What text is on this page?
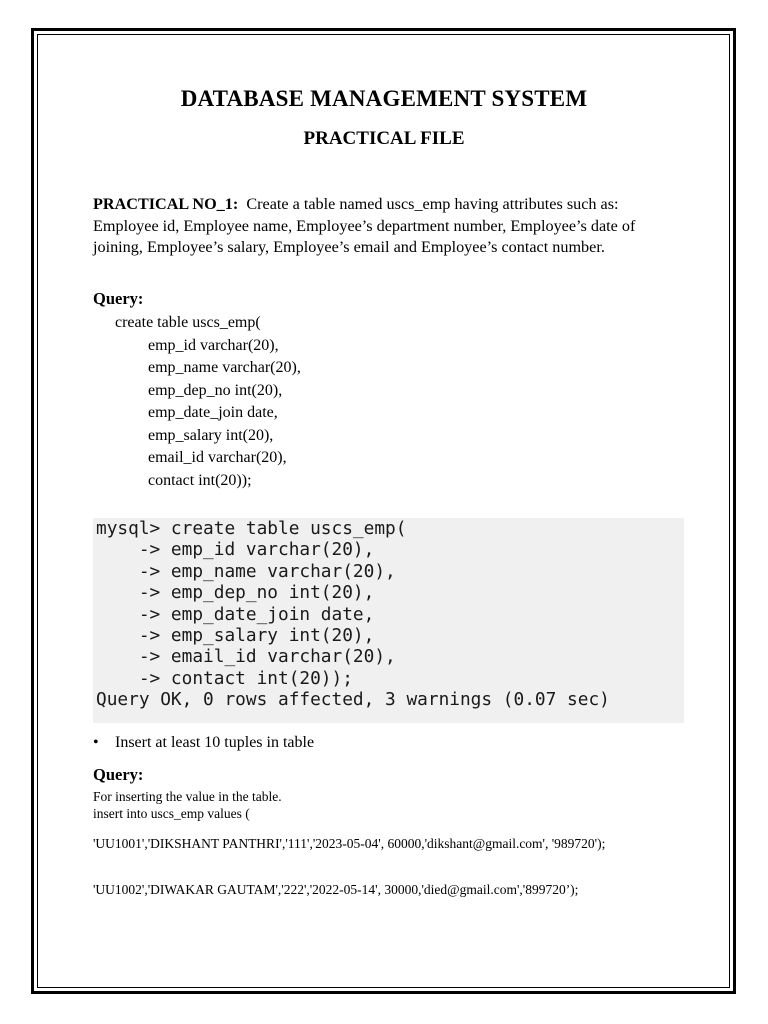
DATABASE MANAGEMENT SYSTEM
PRACTICAL FILE
PRACTICAL NO_1: Create a table named uscs_emp having attributes such as: Employee id, Employee name, Employee’s department number, Employee’s date of joining, Employee’s salary, Employee’s email and Employee’s contact number.
Query:
create table uscs_emp(
emp_id varchar(20),
emp_name varchar(20),
emp_dep_no int(20),
emp_date_join date,
emp_salary int(20),
email_id varchar(20),
contact int(20));
mysql> create table uscs_emp(
-> emp_id varchar(20),
-> emp_name varchar(20),
-> emp_dep_no int(20),
-> emp_date_join date,
-> emp_salary int(20),
-> email_id varchar(20),
-> contact int(20));
Query OK, 0 rows affected, 3 warnings (0.07 sec)
• Insert at least 10 tuples in table
Query:
For inserting the value in the table.
insert into uscs_emp values (
'UU1001','DIKSHANT PANTHRI','111','2023-05-04', 60000,'dikshant@gmail.com', '989720');
'UU1002','DIWAKAR GAUTAM','222','2022-05-14', 30000,'died@gmail.com','899720’);
